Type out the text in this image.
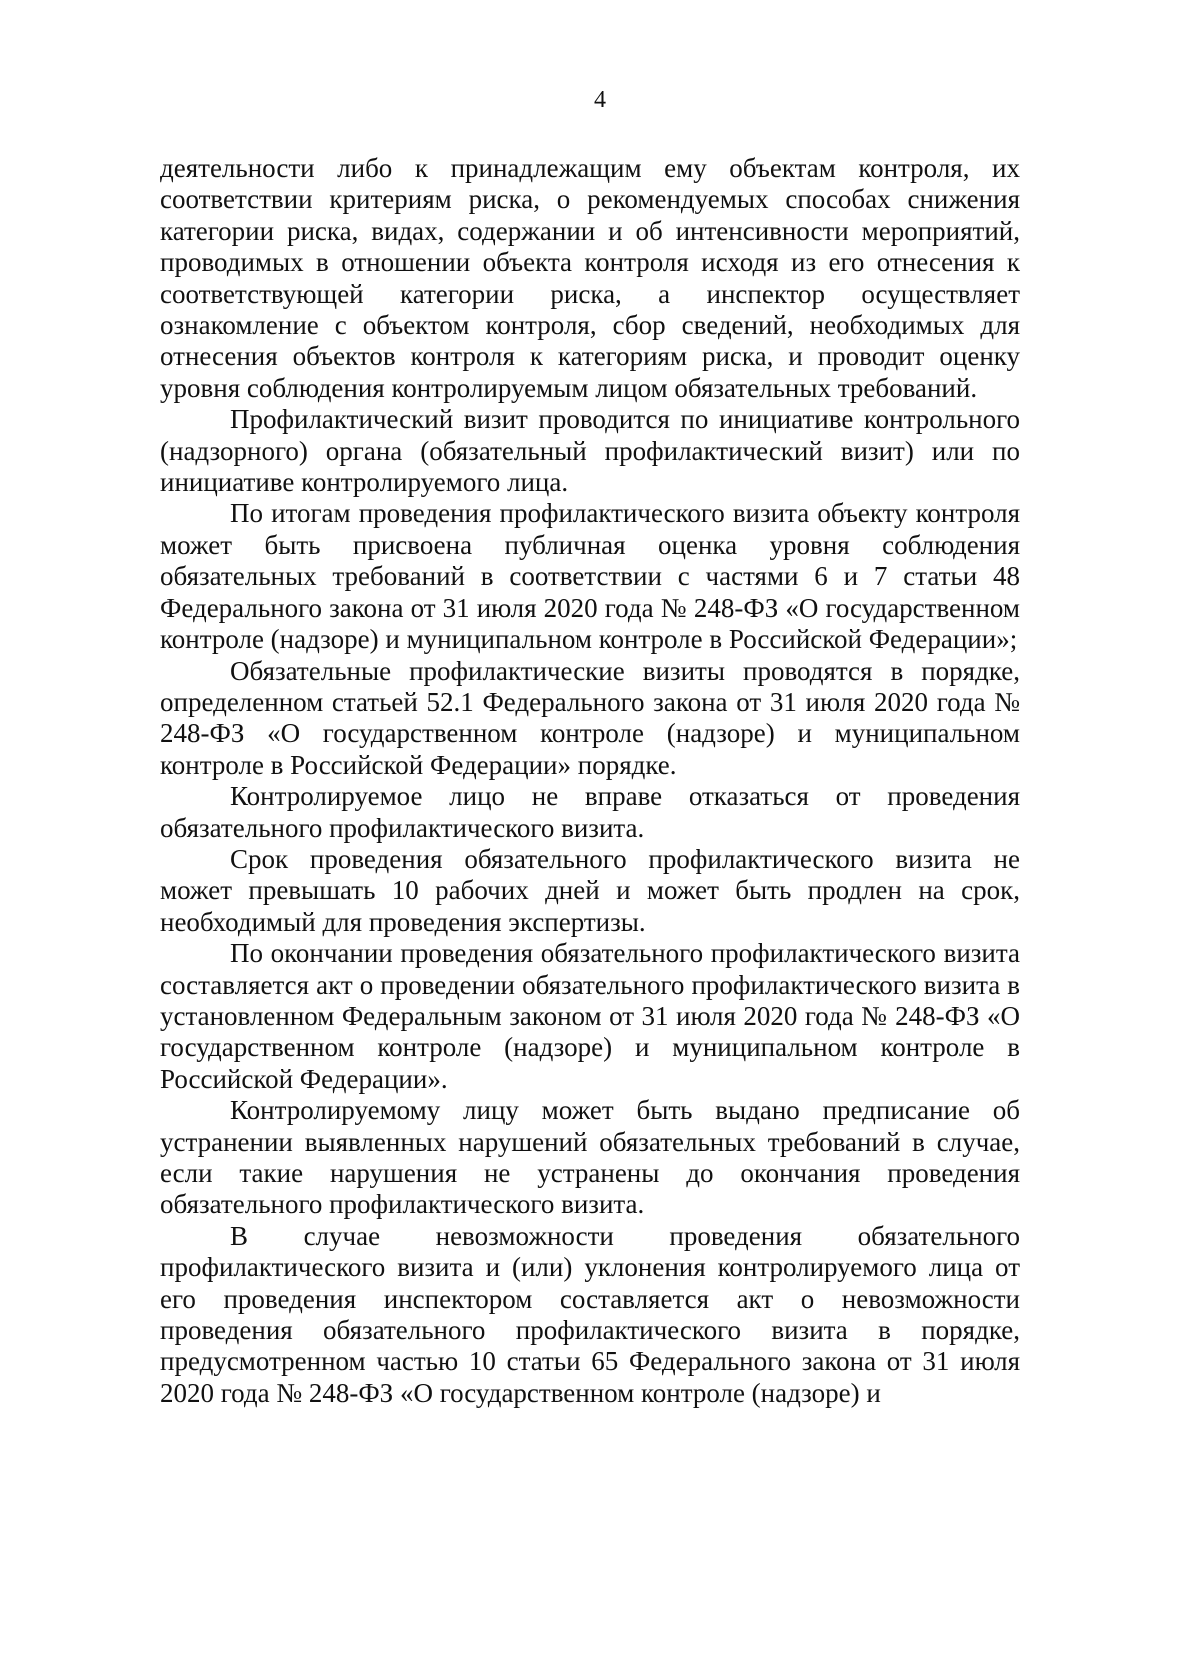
4

деятельности либо к принадлежащим ему объектам контроля, их соответствии критериям риска, о рекомендуемых способах снижения категории риска, видах, содержании и об интенсивности мероприятий, проводимых в отношении объекта контроля исходя из его отнесения к соответствующей категории риска, а инспектор осуществляет ознакомление с объектом контроля, сбор сведений, необходимых для отнесения объектов контроля к категориям риска, и проводит оценку уровня соблюдения контролируемым лицом обязательных требований.

Профилактический визит проводится по инициативе контрольного (надзорного) органа (обязательный профилактический визит) или по инициативе контролируемого лица.

По итогам проведения профилактического визита объекту контроля может быть присвоена публичная оценка уровня соблюдения обязательных требований в соответствии с частями 6 и 7 статьи 48 Федерального закона от 31 июля 2020 года № 248-ФЗ «О государственном контроле (надзоре) и муниципальном контроле в Российской Федерации»;

Обязательные профилактические визиты проводятся в порядке, определенном статьей 52.1 Федерального закона от 31 июля 2020 года № 248-ФЗ «О государственном контроле (надзоре) и муниципальном контроле в Российской Федерации» порядке.

Контролируемое лицо не вправе отказаться от проведения обязательного профилактического визита.

Срок проведения обязательного профилактического визита не может превышать 10 рабочих дней и может быть продлен на срок, необходимый для проведения экспертизы.

По окончании проведения обязательного профилактического визита составляется акт о проведении обязательного профилактического визита в установленном Федеральным законом от 31 июля 2020 года № 248-ФЗ «О государственном контроле (надзоре) и муниципальном контроле в Российской Федерации».

Контролируемому лицу может быть выдано предписание об устранении выявленных нарушений обязательных требований в случае, если такие нарушения не устранены до окончания проведения обязательного профилактического визита.

В случае невозможности проведения обязательного профилактического визита и (или) уклонения контролируемого лица от его проведения инспектором составляется акт о невозможности проведения обязательного профилактического визита в порядке, предусмотренном частью 10 статьи 65 Федерального закона от 31 июля 2020 года № 248-ФЗ «О государственном контроле (надзоре) и
